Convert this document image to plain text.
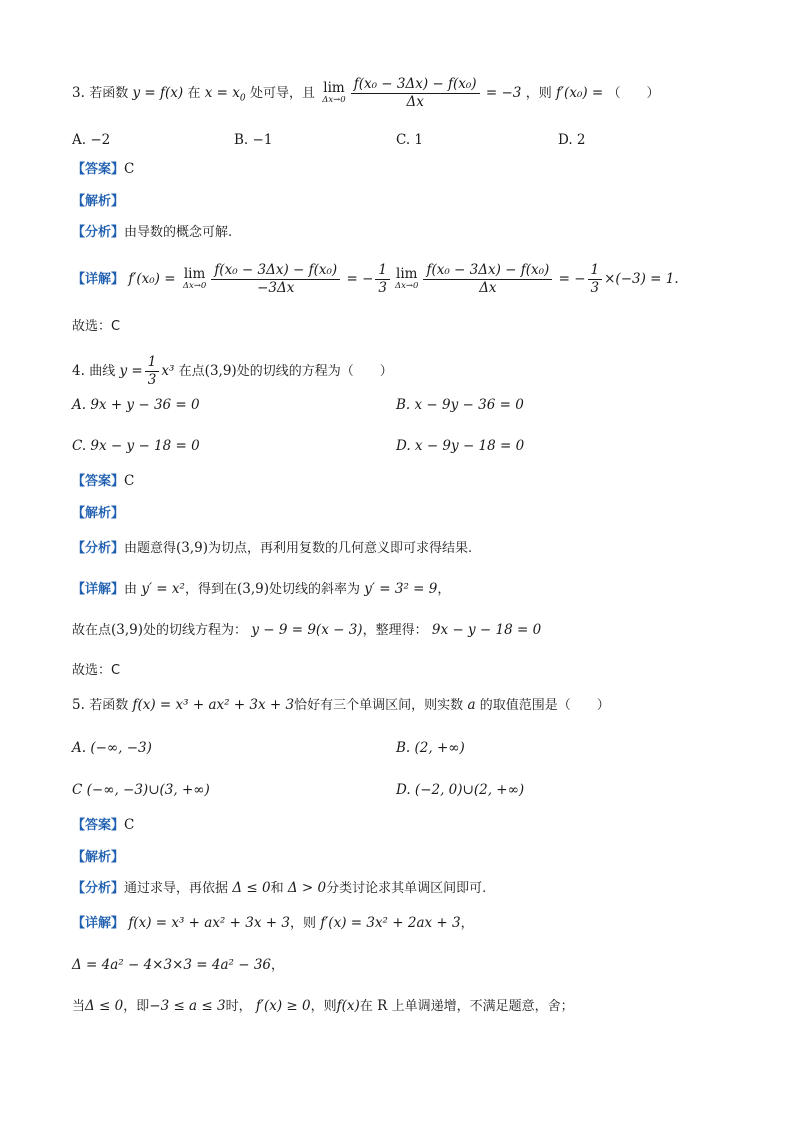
3. 若函数 y = f(x) 在 $x = x_0$ 处可导，且 lim
$\Delta x\to 0 \frac{\text{f(x₀ − 3Δx) − f(x₀)}}{\Delta x} = -3$ ，则 f′(x₀) = （　　）
A. −2	B. −1	C. 1	D. 2
【答案】C
【解析】
【分析】由导数的概念可解.
【详解】 f′(x₀) = lim
$\Delta x\to 0 \frac{\text{f(x₀ − 3Δx) − f(x₀)}}{-3\Delta x}$ = − $\frac{1}{3}$ lim
$\Delta x\to 0 \frac{\text{f(x₀ − 3Δx) − f(x₀)}}{\Delta x}$ = − $\frac{1}{3} \times(-3) = 1$.
故选：C
4. 曲线 $y = \frac{1}{3} x^3$ 在点(3,9)处的切线的方程为（　　）
A. 9x + y − 36 = 0	B. x − 9y − 36 = 0
C. 9x − y − 18 = 0	D. x − 9y − 18 = 0
【答案】C
【解析】
【分析】由题意得(3,9)为切点，再利用复数的几何意义即可求得结果.
【详解】由 y′ = x²，得到在(3,9)处切线的斜率为 y′ = 3² = 9，
故在点(3,9)处的切线方程为： y − 9 = 9(x − 3)，整理得： 9x − y − 18 = 0
故选：C
5. 若函数 f(x) = x³ + ax² + 3x + 3恰好有三个单调区间，则实数 a 的取值范围是（　　）
A. (−∞, −3)	B. (2, +∞)
C (−∞, −3)∪(3, +∞)	D. (−2, 0)∪(2, +∞)
【答案】C
【解析】
【分析】通过求导，再依据 Δ ≤ 0和 Δ > 0分类讨论求其单调区间即可.
【详解】 f(x) = x³ + ax² + 3x + 3，则 f′(x) = 3x² + 2ax + 3，
Δ = 4a² − 4×3×3 = 4a² − 36，
当Δ ≤ 0，即−3 ≤ a ≤ 3时， f′(x) ≥ 0，则f(x)在 R 上单调递增，不满足题意，舍；
